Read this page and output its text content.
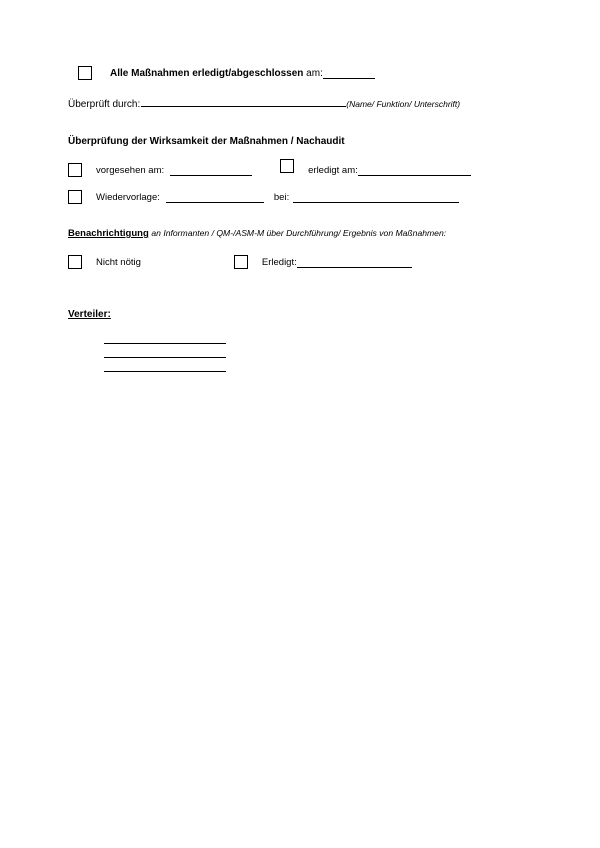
Alle Maßnahmen erledigt/abgeschlossen am:
Überprüft durch:	(Name/ Funktion/ Unterschrift)
Überprüfung der Wirksamkeit der Maßnahmen / Nachaudit
vorgesehen am:	erledigt am:
Wiedervorlage:	bei:
Benachrichtigung an Informanten / QM-/ASM-M über Durchführung/ Ergebnis von Maßnahmen:
Nicht nötig	Erledigt:
Verteiler:
